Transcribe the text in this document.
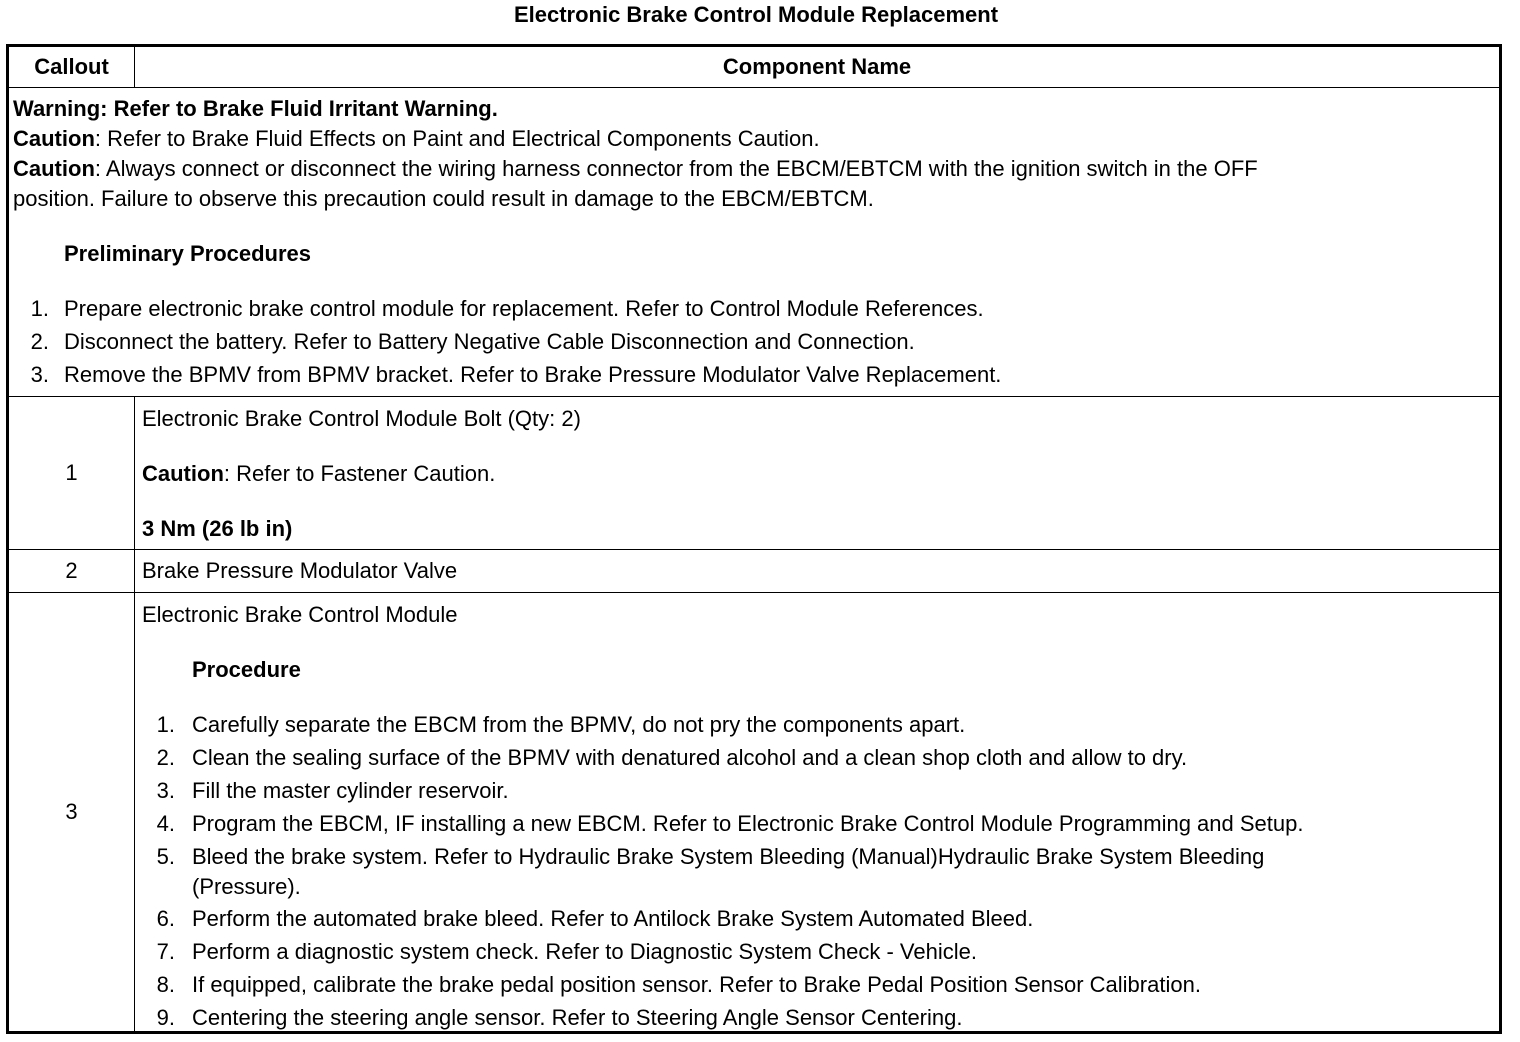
Electronic Brake Control Module Replacement
Callout	Component Name
Warning: Refer to Brake Fluid Irritant Warning.
Caution: Refer to Brake Fluid Effects on Paint and Electrical Components Caution.
Caution: Always connect or disconnect the wiring harness connector from the EBCM/EBTCM with the ignition switch in the OFF
position. Failure to observe this precaution could result in damage to the EBCM/EBTCM.
Preliminary Procedures
1. Prepare electronic brake control module for replacement. Refer to Control Module References.
2. Disconnect the battery. Refer to Battery Negative Cable Disconnection and Connection.
3. Remove the BPMV from BPMV bracket. Refer to Brake Pressure Modulator Valve Replacement.
1
Electronic Brake Control Module Bolt (Qty: 2)
Caution: Refer to Fastener Caution.
3 Nm (26 lb in)
2	Brake Pressure Modulator Valve
3
Electronic Brake Control Module
Procedure
1. Carefully separate the EBCM from the BPMV, do not pry the components apart.
2. Clean the sealing surface of the BPMV with denatured alcohol and a clean shop cloth and allow to dry.
3. Fill the master cylinder reservoir.
4. Program the EBCM, IF installing a new EBCM. Refer to Electronic Brake Control Module Programming and Setup.
5. Bleed the brake system. Refer to Hydraulic Brake System Bleeding (Manual)Hydraulic Brake System Bleeding
(Pressure).
6. Perform the automated brake bleed. Refer to Antilock Brake System Automated Bleed.
7. Perform a diagnostic system check. Refer to Diagnostic System Check - Vehicle.
8. If equipped, calibrate the brake pedal position sensor. Refer to Brake Pedal Position Sensor Calibration.
9. Centering the steering angle sensor. Refer to Steering Angle Sensor Centering.
